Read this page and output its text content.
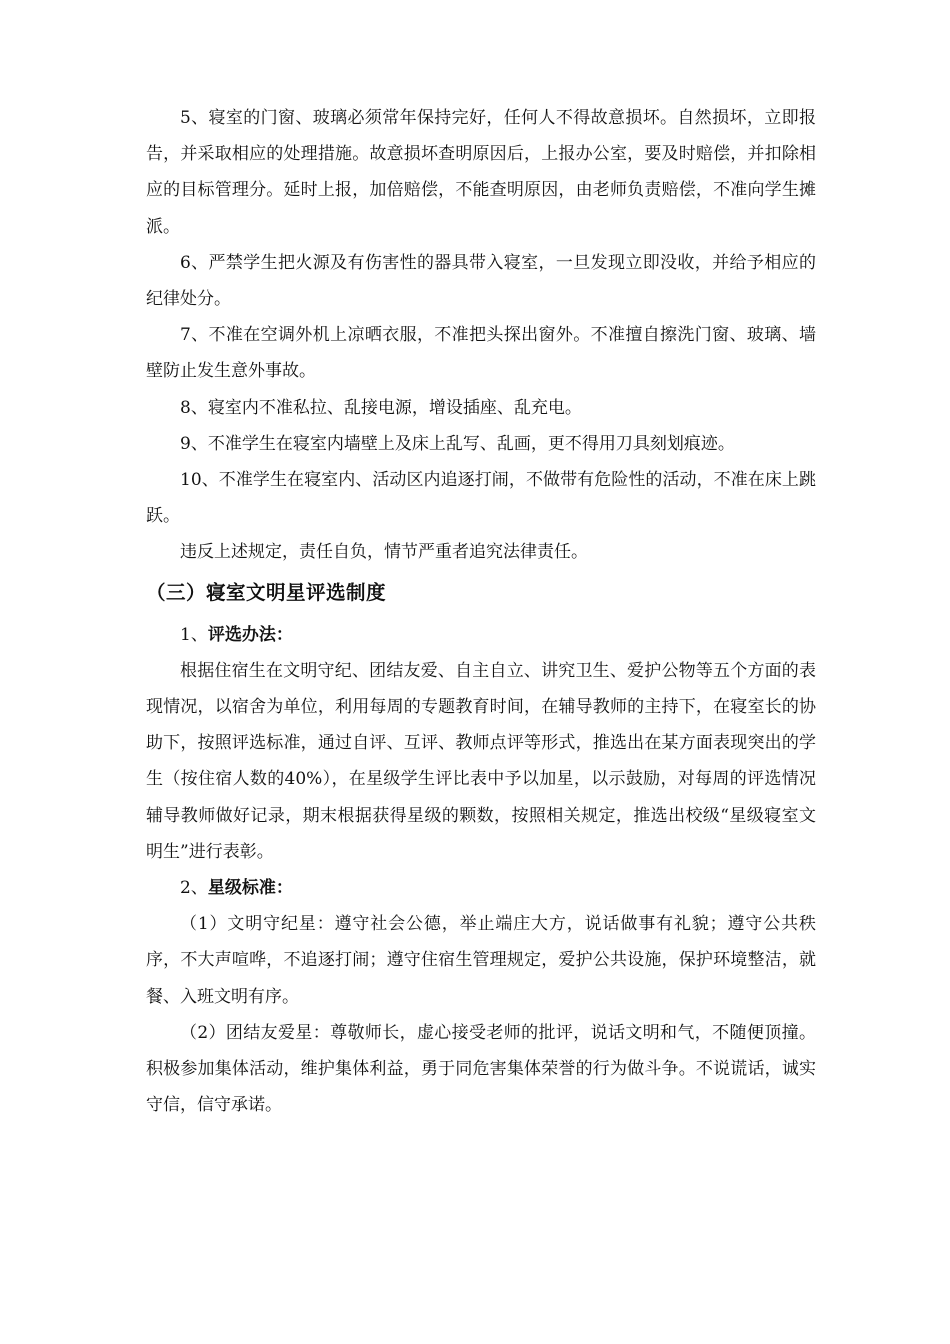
5、寝室的门窗、玻璃必须常年保持完好，任何人不得故意损坏。自然损坏，立即报告，并采取相应的处理措施。故意损坏查明原因后，上报办公室，要及时赔偿，并扣除相应的目标管理分。延时上报，加倍赔偿，不能查明原因，由老师负责赔偿，不准向学生摊派。

6、严禁学生把火源及有伤害性的器具带入寝室，一旦发现立即没收，并给予相应的纪律处分。

7、不准在空调外机上凉晒衣服，不准把头探出窗外。不准擅自擦洗门窗、玻璃、墙壁防止发生意外事故。

8、寝室内不准私拉、乱接电源，增设插座、乱充电。

9、不准学生在寝室内墙壁上及床上乱写、乱画，更不得用刀具刻划痕迹。

10、不准学生在寝室内、活动区内追逐打闹，不做带有危险性的活动，不准在床上跳跃。

违反上述规定，责任自负，情节严重者追究法律责任。

（三）寝室文明星评选制度

1、评选办法：

根据住宿生在文明守纪、团结友爱、自主自立、讲究卫生、爱护公物等五个方面的表现情况，以宿舍为单位，利用每周的专题教育时间，在辅导教师的主持下，在寝室长的协助下，按照评选标准，通过自评、互评、教师点评等形式，推选出在某方面表现突出的学生（按住宿人数的40%），在星级学生评比表中予以加星，以示鼓励，对每周的评选情况辅导教师做好记录，期末根据获得星级的颗数，按照相关规定，推选出校级“星级寝室文明生”进行表彰。

2、星级标准：

（1）文明守纪星：遵守社会公德，举止端庄大方，说话做事有礼貌；遵守公共秩序，不大声喧哗，不追逐打闹；遵守住宿生管理规定，爱护公共设施，保护环境整洁，就餐、入班文明有序。

（2）团结友爱星：尊敬师长，虚心接受老师的批评，说话文明和气，不随便顶撞。积极参加集体活动，维护集体利益，勇于同危害集体荣誉的行为做斗争。不说谎话，诚实守信，信守承诺。
